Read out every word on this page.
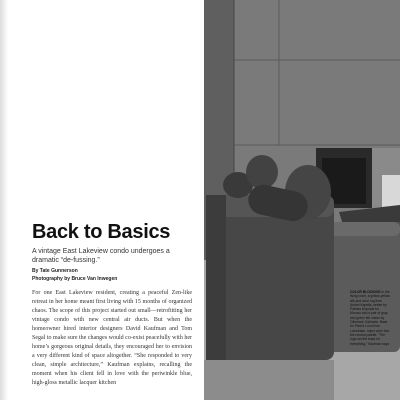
Back to Basics

A vintage East Lakeview condo undergoes a dramatic “de-fussing.”

By Tate Gunnerson

Photography by Bruce Van Inwegen

For one East Lakeview resident, creating a peaceful Zen-like retreat in her home meant first living with 15 months of organized chaos. The scope of this project started out small—retrofitting her vintage condo with new central air ducts. But when the homeowner hired interior designers David Kaufman and Tom Segal to make sure the changes would co-exist peacefully with her home’s gorgeous original details, they encouraged her to envision a very different kind of space altogether. “She responded to very clean, simple architecture,” Kaufman explains, recalling the moment when his client fell in love with the periwinkle blue, high-gloss metallic lacquer kitchen

COLOR BLOCKING In the living room, a yellow-yellow silk and wool rug from Andrei Kapetis, settee by Patricia Urquiola for Moroso and a pair of gray and green felt chairs by Ottomani, Kabinets. Base for Piedra Lund from Loewbaan. Inject color into the neutral palette. “The rugs set the base for everything,” Kaufman says.
